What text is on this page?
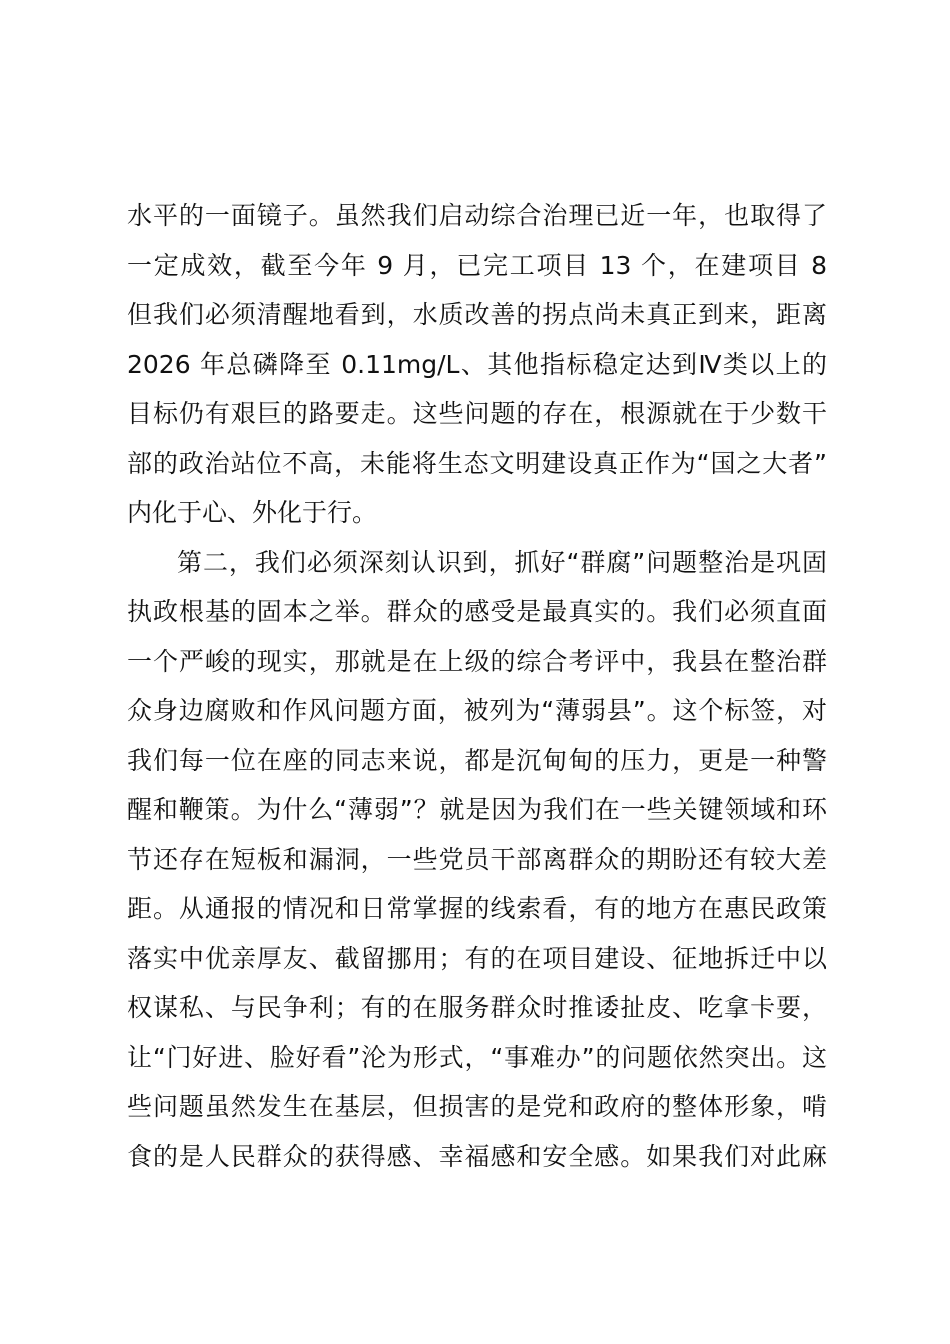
水平的一面镜子。虽然我们启动综合治理已近一年，也取得了
一定成效，截至今年 9 月，已完工项目 13 个，在建项目 8
但我们必须清醒地看到，水质改善的拐点尚未真正到来，距离
2026 年总磷降至 0.11mg/L、其他指标稳定达到Ⅳ类以上的
目标仍有艰巨的路要走。这些问题的存在，根源就在于少数干
部的政治站位不高，未能将生态文明建设真正作为“国之大者”
内化于心、外化于行。
第二，我们必须深刻认识到，抓好“群腐”问题整治是巩固
执政根基的固本之举。群众的感受是最真实的。我们必须直面
一个严峻的现实，那就是在上级的综合考评中，我县在整治群
众身边腐败和作风问题方面，被列为“薄弱县”。这个标签，对
我们每一位在座的同志来说，都是沉甸甸的压力，更是一种警
醒和鞭策。为什么“薄弱”？就是因为我们在一些关键领域和环
节还存在短板和漏洞，一些党员干部离群众的期盼还有较大差
距。从通报的情况和日常掌握的线索看，有的地方在惠民政策
落实中优亲厚友、截留挪用；有的在项目建设、征地拆迁中以
权谋私、与民争利；有的在服务群众时推诿扯皮、吃拿卡要，
让“门好进、脸好看”沦为形式，“事难办”的问题依然突出。这
些问题虽然发生在基层，但损害的是党和政府的整体形象，啃
食的是人民群众的获得感、幸福感和安全感。如果我们对此麻
